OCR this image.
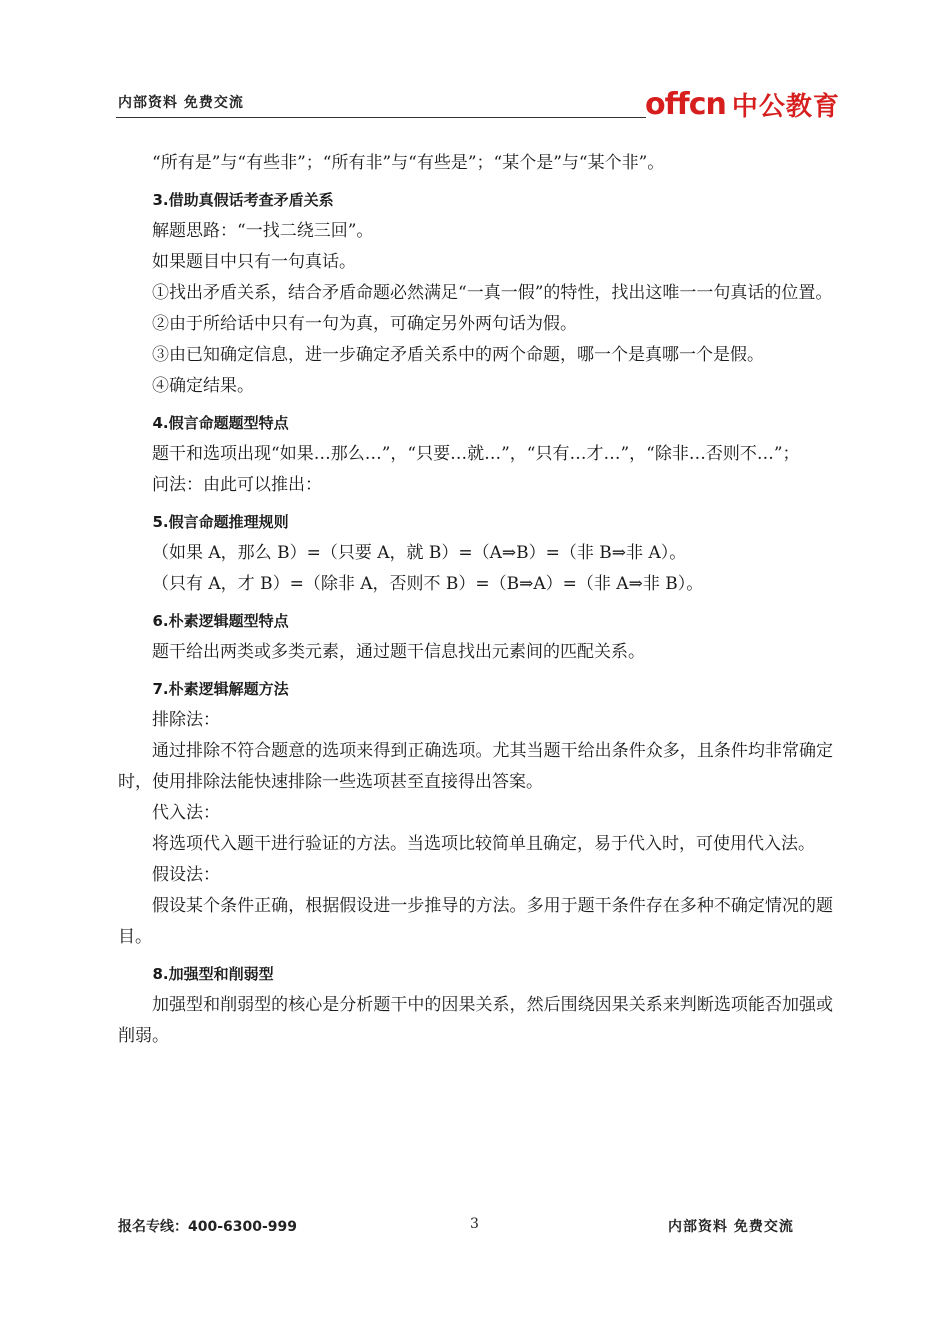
内部资料 免费交流	offcn 中公教育

“所有是”与“有些非”；“所有非”与“有些是”；“某个是”与“某个非”。

3.借助真假话考查矛盾关系

解题思路：“一找二绕三回”。

如果题目中只有一句真话。

①找出矛盾关系，结合矛盾命题必然满足“一真一假”的特性，找出这唯一一句真话的位置。

②由于所给话中只有一句为真，可确定另外两句话为假。

③由已知确定信息，进一步确定矛盾关系中的两个命题，哪一个是真哪一个是假。

④确定结果。

4.假言命题题型特点

题干和选项出现“如果…那么…”，“只要…就…”，“只有…才…”，“除非…否则不…”；

问法：由此可以推出：

5.假言命题推理规则

（如果 A，那么 B）=（只要 A，就 B）=（A⇒B）=（非 B⇒非 A）。

（只有 A，才 B）=（除非 A，否则不 B）=（B⇒A）=（非 A⇒非 B）。

6.朴素逻辑题型特点

题干给出两类或多类元素，通过题干信息找出元素间的匹配关系。

7.朴素逻辑解题方法

排除法：

通过排除不符合题意的选项来得到正确选项。尤其当题干给出条件众多，且条件均非常确定时，使用排除法能快速排除一些选项甚至直接得出答案。

代入法：

将选项代入题干进行验证的方法。当选项比较简单且确定，易于代入时，可使用代入法。

假设法：

假设某个条件正确，根据假设进一步推导的方法。多用于题干条件存在多种不确定情况的题目。

8.加强型和削弱型

加强型和削弱型的核心是分析题干中的因果关系，然后围绕因果关系来判断选项能否加强或削弱。

报名专线：400-6300-999	3	内部资料 免费交流
